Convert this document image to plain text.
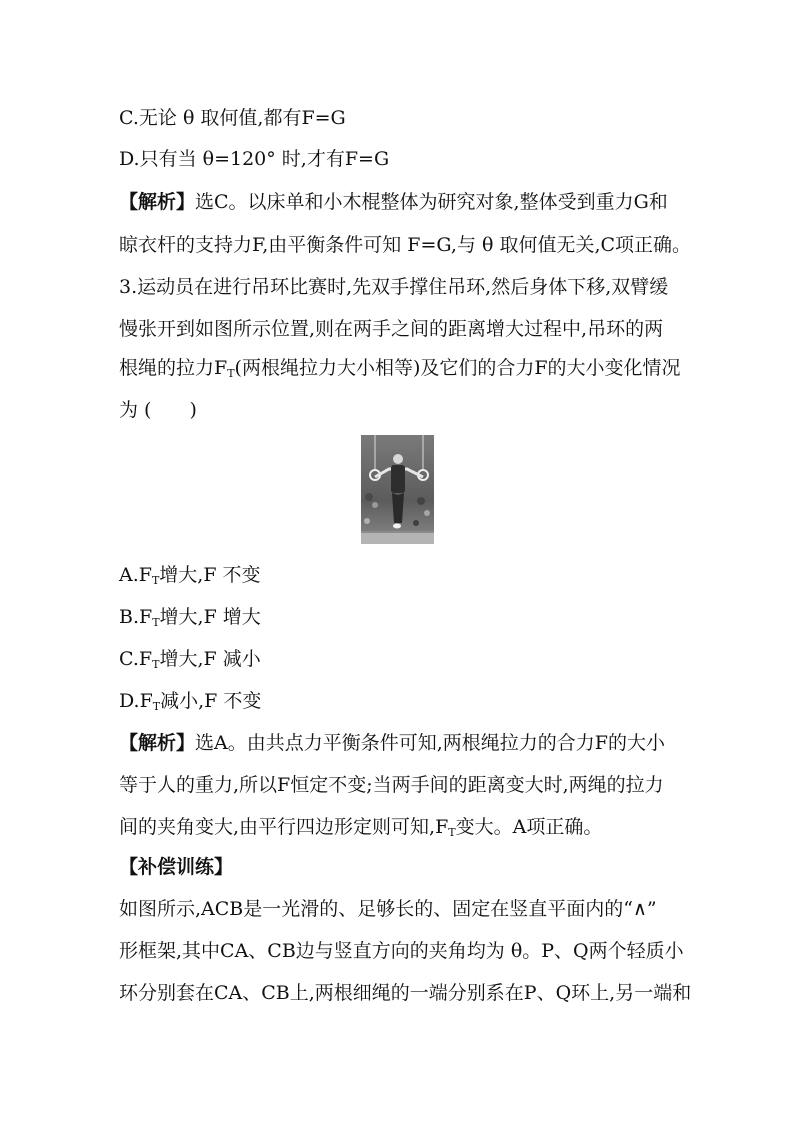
C.无论 θ 取何值,都有F=G
D.只有当 θ=120° 时,才有F=G
【解析】选C。以床单和小木棍整体为研究对象,整体受到重力G和
晾衣杆的支持力F,由平衡条件可知 F=G,与 θ 取何值无关,C项正确。
3.运动员在进行吊环比赛时,先双手撑住吊环,然后身体下移,双臂缓
慢张开到如图所示位置,则在两手之间的距离增大过程中,吊环的两
根绳的拉力$F_T$(两根绳拉力大小相等)及它们的合力F的大小变化情况
为 (　　)
$A.F_T$增大,F 不变
$B.F_T$增大,F 增大
$C.F_T$增大,F 减小
$D.F_T$减小,F 不变
【解析】选A。由共点力平衡条件可知,两根绳拉力的合力F的大小
等于人的重力,所以F恒定不变;当两手间的距离变大时,两绳的拉力
间的夹角变大,由平行四边形定则可知$,F_T$变大。A项正确。
【补偿训练】
如图所示,ACB是一光滑的、足够长的、固定在竖直平面内的“∧”
形框架,其中CA、CB边与竖直方向的夹角均为 θ。P、Q两个轻质小
环分别套在CA、CB上,两根细绳的一端分别系在P、Q环上,另一端和
